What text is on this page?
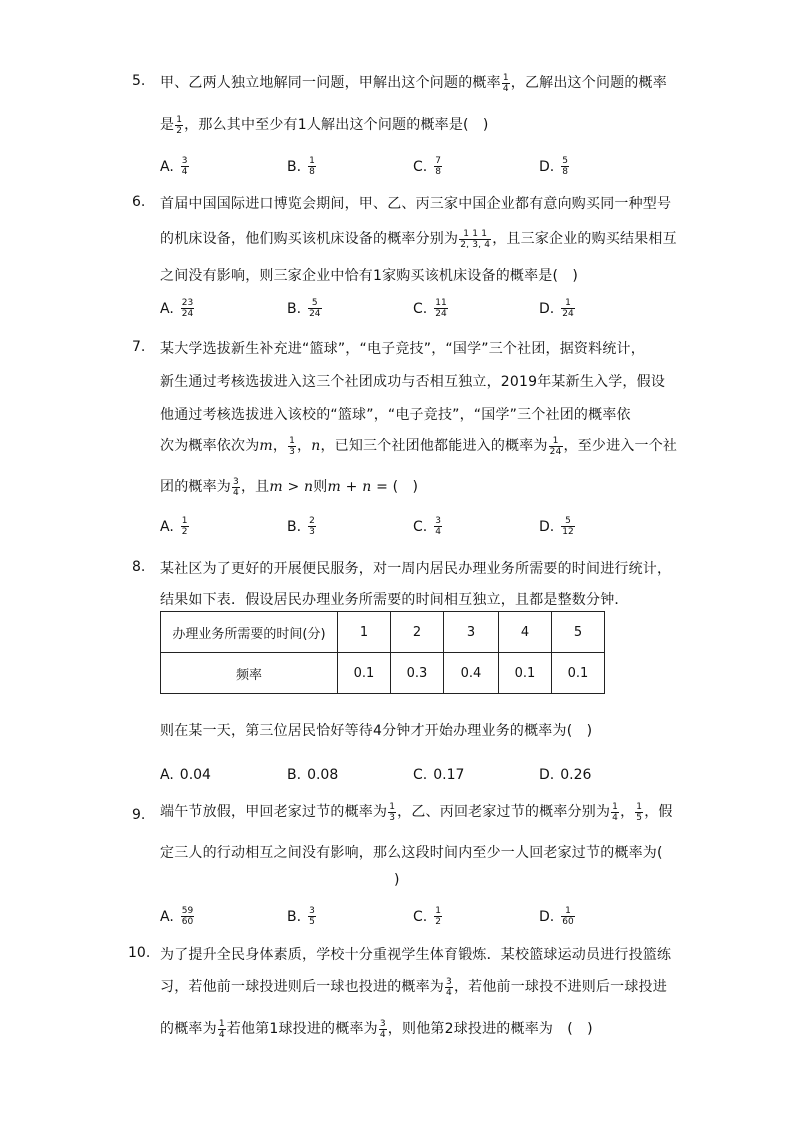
5. 甲、乙两人独立地解同一问题，甲解出这个问题的概率 $\frac{1}{4}$ ，乙解出这个问题的概率
是 $\frac{1}{2}$ ，那么其中至少有1人解出这个问题的概率是(　)
A. $\frac{3}{4}$	B. $\frac{1}{8}$	C. $\frac{7}{8}$	D. $\frac{5}{8}$
6. 首届中国国际进口博览会期间，甲、乙、丙三家中国企业都有意向购买同一种型号
的机床设备，他们购买该机床设备的概率分别为 $\frac{1 1 1}{2, 3, 4}$ ，且三家企业的购买结果相互
之间没有影响，则三家企业中恰有1家购买该机床设备的概率是(　)
A. $\frac{23}{24}$	B. $\frac{5}{24}$	C. $\frac{11}{24}$	D. $\frac{1}{24}$
7. 某大学选拔新生补充进“篮球”，“电子竞技”，“国学”三个社团，据资料统计，
新生通过考核选拔进入这三个社团成功与否相互独立，2019年某新生入学，假设
他通过考核选拔进入该校的“篮球”，“电子竞技”，“国学”三个社团的概率依
次为概率依次为m， $\frac{1}{3}$ ，n，已知三个社团他都能进入的概率为 $\frac{1}{24}$ ，至少进入一个社
团的概率为 $\frac{3}{4}$ ，且m > n则m + n = (　)
A. $\frac{1}{2}$	B. $\frac{2}{3}$	C. $\frac{3}{4}$	D. $\frac{5}{12}$
8. 某社区为了更好的开展便民服务，对一周内居民办理业务所需要的时间进行统计，
结果如下表．假设居民办理业务所需要的时间相互独立，且都是整数分钟．
办理业务所需要的时间(分)	1	2	3	4	5
频率	0.1	0.3	0.4	0.1	0.1
则在某一天，第三位居民恰好等待4分钟才开始办理业务的概率为(　)
A. 0.04	B. 0.08	C. 0.17	D. 0.26
9. 端午节放假，甲回老家过节的概率为 $\frac{1}{3}$ ，乙、丙回老家过节的概率分别为 $\frac{1}{4}$ ， $\frac{1}{5}$ ，假
定三人的行动相互之间没有影响，那么这段时间内至少一人回老家过节的概率为(
)
A. $\frac{59}{60}$	B. $\frac{3}{5}$	C. $\frac{1}{2}$	D. $\frac{1}{60}$
10. 为了提升全民身体素质，学校十分重视学生体育锻炼．某校篮球运动员进行投篮练
习，若他前一球投进则后一球也投进的概率为 $\frac{3}{4}$ ，若他前一球投不进则后一球投进
的概率为 $\frac{1}{4}$ 若他第1球投进的概率为 $\frac{3}{4}$ ，则他第2球投进的概率为　(　)
